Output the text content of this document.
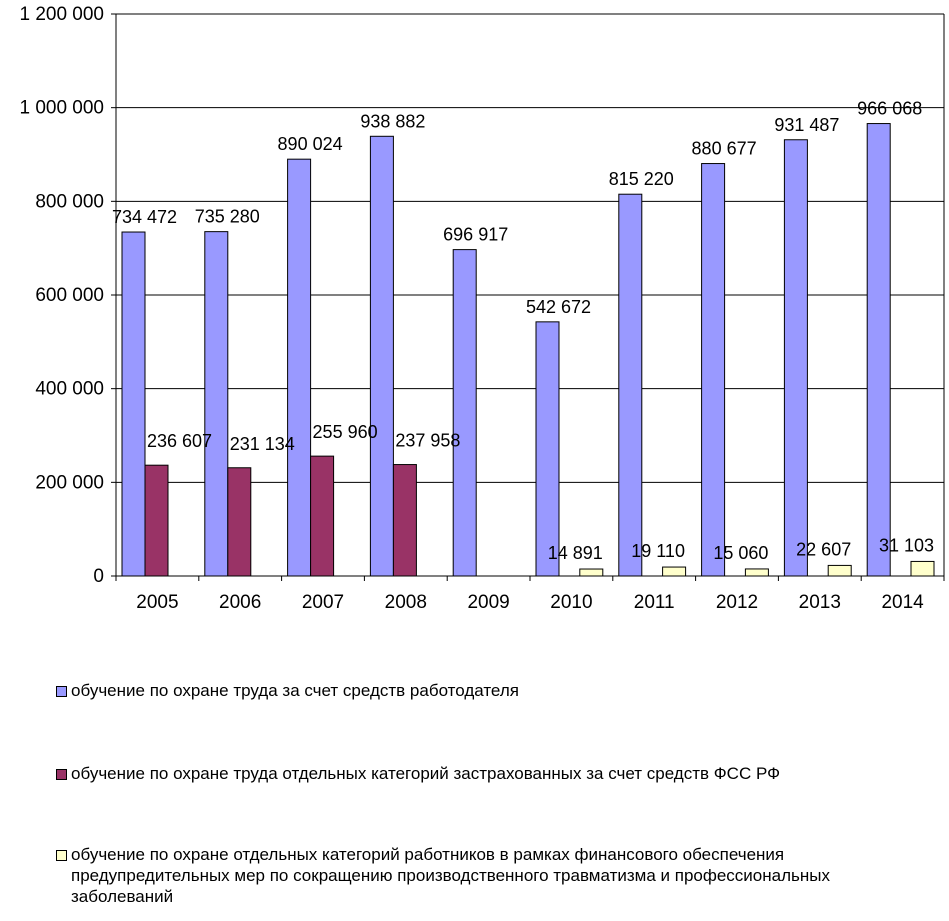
0
200 000
400 000
600 000
800 000
1 000 000
1 200 000
2005 2006 2007 2008 2009 2010 2011 2012 2013 2014
734 472 735 280
890 024
938 882
696 917
542 672
815 220
880 677
931 487
966 068
236 607 231 134
255 960 237 958
14 891 19 110 15 060 22 607 31 103
обучение по охране труда за счет средств работодателя
обучение по охране труда отдельных категорий застрахованных за счет средств ФСС РФ
обучение по охране отдельных категорий работников в рамках финансового обеспечения предупредительных мер по сокращению производственного травматизма и профессиональных заболеваний
